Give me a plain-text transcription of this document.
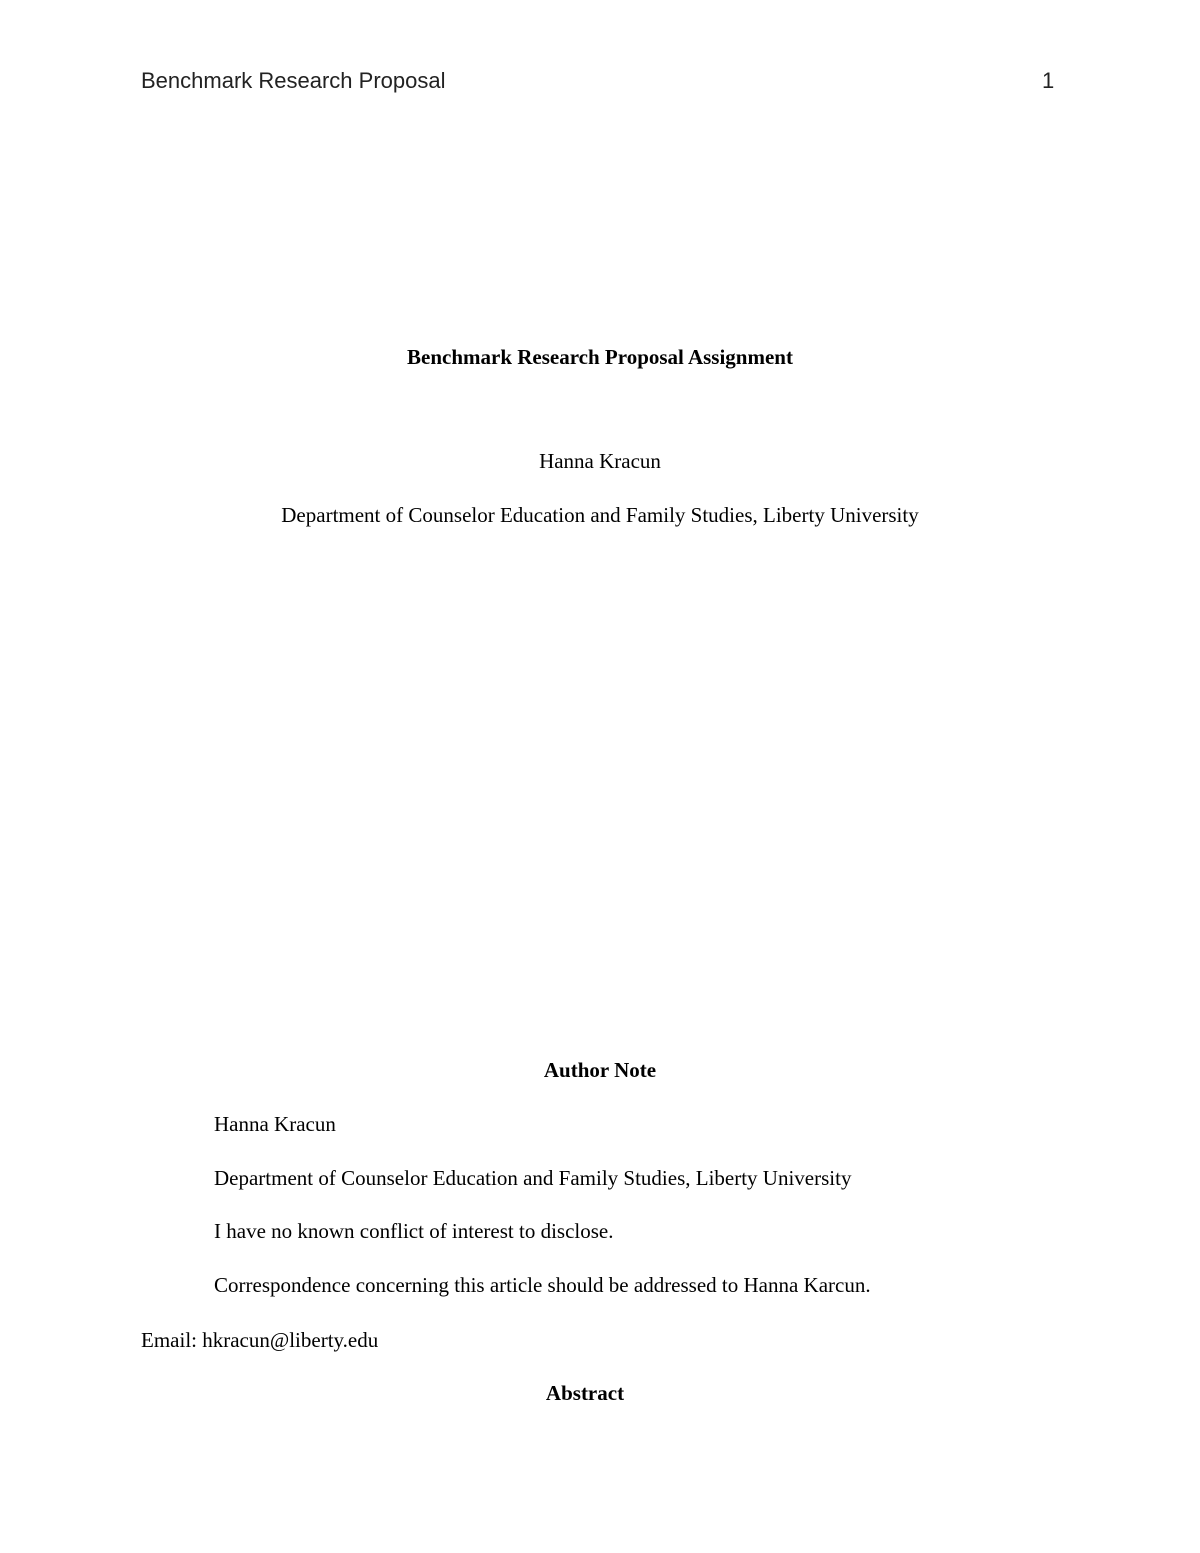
Benchmark Research Proposal	1
Benchmark Research Proposal Assignment
Hanna Kracun
Department of Counselor Education and Family Studies, Liberty University
Author Note
Hanna Kracun
Department of Counselor Education and Family Studies, Liberty University
I have no known conflict of interest to disclose.
Correspondence concerning this article should be addressed to Hanna Karcun.
Email: hkracun@liberty.edu
Abstract
